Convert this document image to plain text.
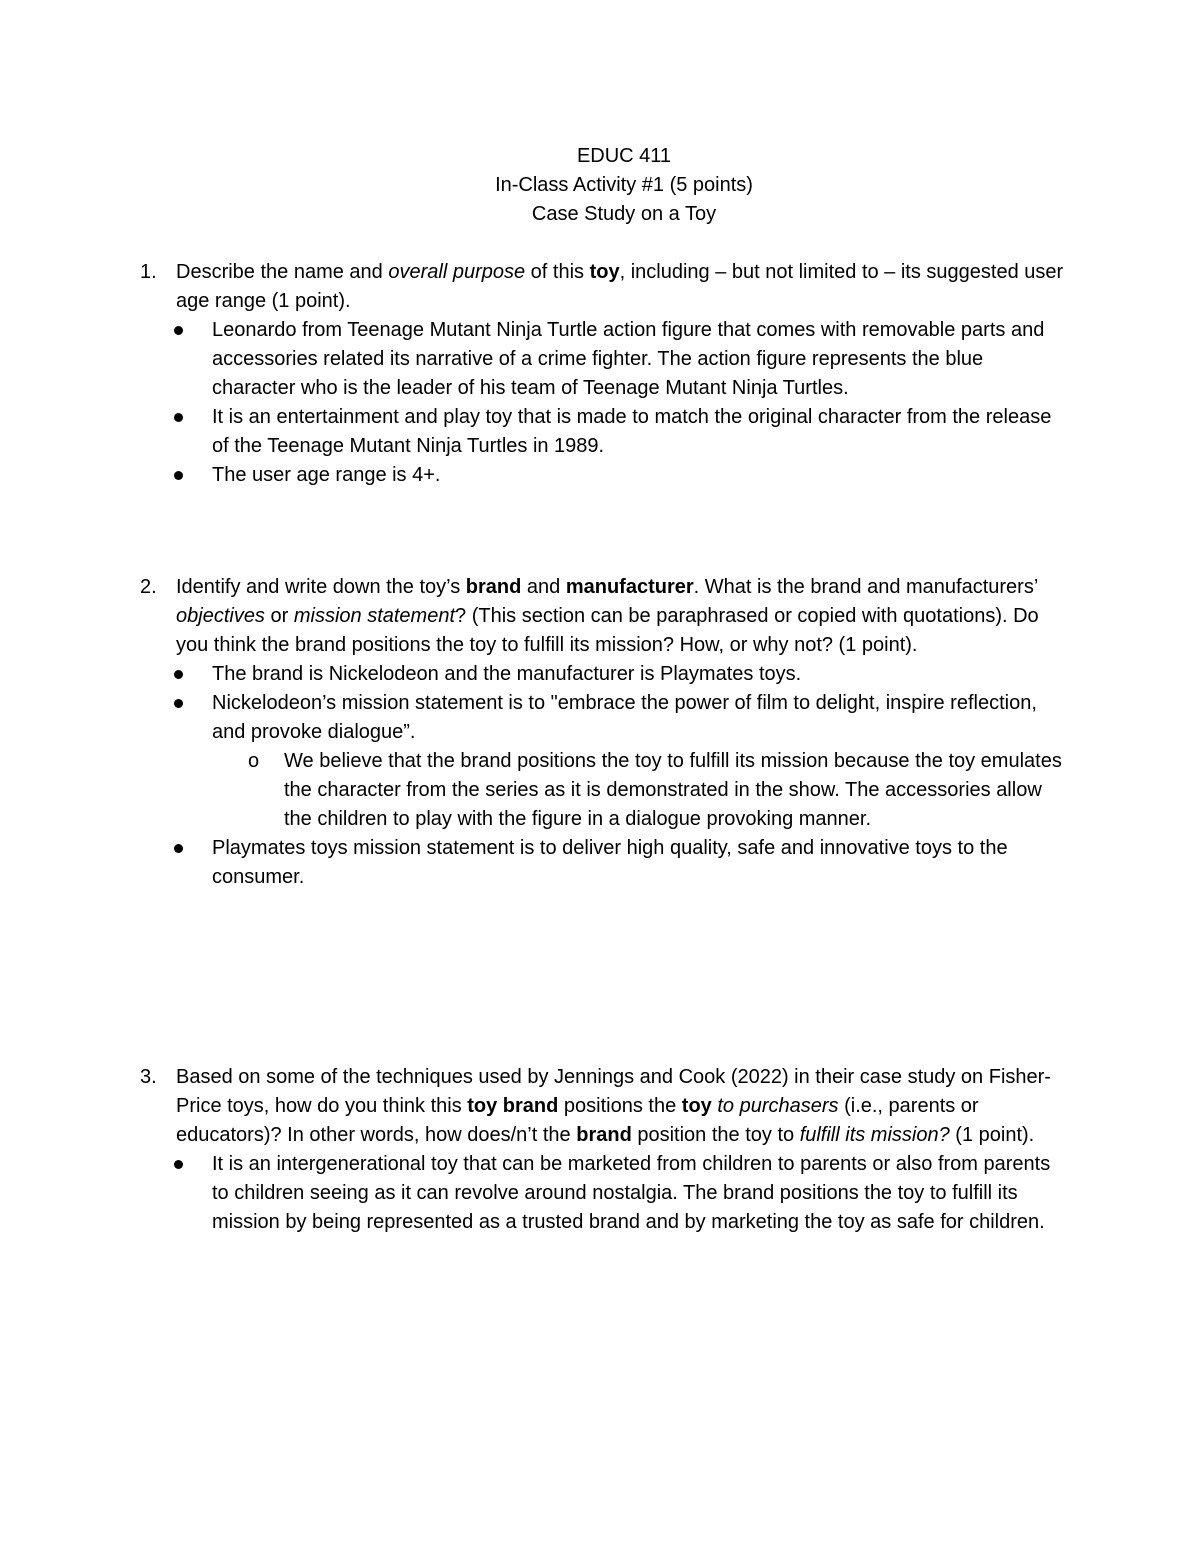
EDUC 411
In-Class Activity #1 (5 points)
Case Study on a Toy
1. Describe the name and overall purpose of this toy, including – but not limited to – its suggested user age range (1 point).
Leonardo from Teenage Mutant Ninja Turtle action figure that comes with removable parts and accessories related its narrative of a crime fighter. The action figure represents the blue character who is the leader of his team of Teenage Mutant Ninja Turtles.
It is an entertainment and play toy that is made to match the original character from the release of the Teenage Mutant Ninja Turtles in 1989.
The user age range is 4+.
2. Identify and write down the toy’s brand and manufacturer. What is the brand and manufacturers’ objectives or mission statement? (This section can be paraphrased or copied with quotations). Do you think the brand positions the toy to fulfill its mission? How, or why not? (1 point).
The brand is Nickelodeon and the manufacturer is Playmates toys.
Nickelodeon’s mission statement is to "embrace the power of film to delight, inspire reflection, and provoke dialogue”.
o We believe that the brand positions the toy to fulfill its mission because the toy emulates the character from the series as it is demonstrated in the show. The accessories allow the children to play with the figure in a dialogue provoking manner.
Playmates toys mission statement is to deliver high quality, safe and innovative toys to the consumer.
3. Based on some of the techniques used by Jennings and Cook (2022) in their case study on Fisher-Price toys, how do you think this toy brand positions the toy to purchasers (i.e., parents or educators)? In other words, how does/n’t the brand position the toy to fulfill its mission? (1 point).
It is an intergenerational toy that can be marketed from children to parents or also from parents to children seeing as it can revolve around nostalgia. The brand positions the toy to fulfill its mission by being represented as a trusted brand and by marketing the toy as safe for children.
